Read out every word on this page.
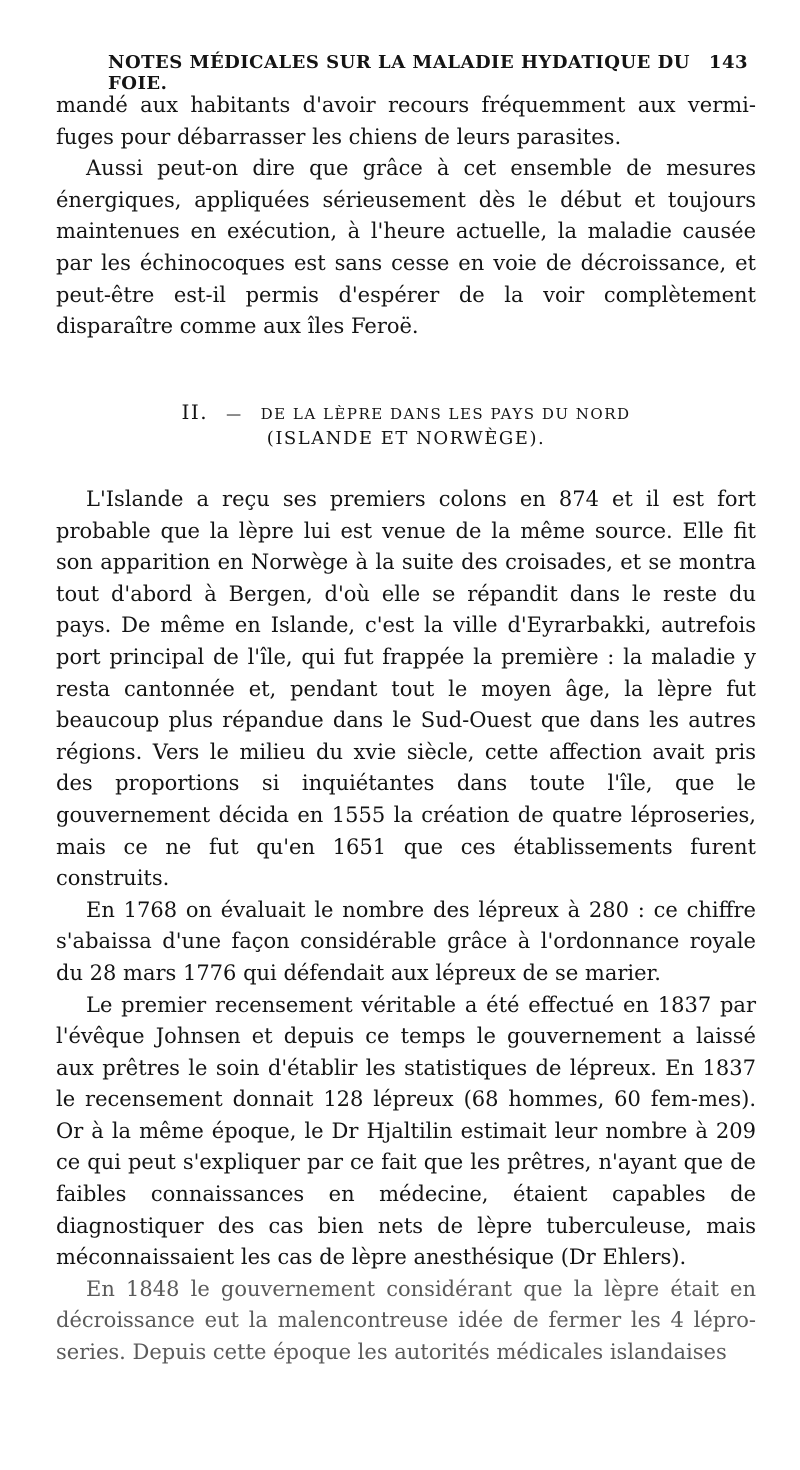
NOTES MÉDICALES SUR LA MALADIE HYDATIQUE DU FOIE.
143

mandé aux habitants d'avoir recours fréquemment aux vermi-fuges pour débarrasser les chiens de leurs parasites.

Aussi peut-on dire que grâce à cet ensemble de mesures énergiques, appliquées sérieusement dès le début et toujours maintenues en exécution, à l'heure actuelle, la maladie causée par les échinocoques est sans cesse en voie de décroissance, et peut-être est-il permis d'espérer de la voir complètement disparaître comme aux îles Feroë.

II. — DE LA LÈPRE DANS LES PAYS DU NORD
(ISLANDE ET NORWÈGE).

L'Islande a reçu ses premiers colons en 874 et il est fort probable que la lèpre lui est venue de la même source. Elle fit son apparition en Norwège à la suite des croisades, et se montra tout d'abord à Bergen, d'où elle se répandit dans le reste du pays. De même en Islande, c'est la ville d'Eyrarbakki, autrefois port principal de l'île, qui fut frappée la première : la maladie y resta cantonnée et, pendant tout le moyen âge, la lèpre fut beaucoup plus répandue dans le Sud-Ouest que dans les autres régions. Vers le milieu du xvie siècle, cette affection avait pris des proportions si inquiétantes dans toute l'île, que le gouvernement décida en 1555 la création de quatre léproseries, mais ce ne fut qu'en 1651 que ces établissements furent construits.

En 1768 on évaluait le nombre des lépreux à 280 : ce chiffre s'abaissa d'une façon considérable grâce à l'ordonnance royale du 28 mars 1776 qui défendait aux lépreux de se marier.

Le premier recensement véritable a été effectué en 1837 par l'évêque Johnsen et depuis ce temps le gouvernement a laissé aux prêtres le soin d'établir les statistiques de lépreux. En 1837 le recensement donnait 128 lépreux (68 hommes, 60 fem-mes). Or à la même époque, le Dr Hjaltilin estimait leur nombre à 209 ce qui peut s'expliquer par ce fait que les prêtres, n'ayant que de faibles connaissances en médecine, étaient capables de diagnostiquer des cas bien nets de lèpre tuberculeuse, mais méconnaissaient les cas de lèpre anesthésique (Dr Ehlers).

En 1848 le gouvernement considérant que la lèpre était en décroissance eut la malencontreuse idée de fermer les 4 lépro-series. Depuis cette époque les autorités médicales islandaises
